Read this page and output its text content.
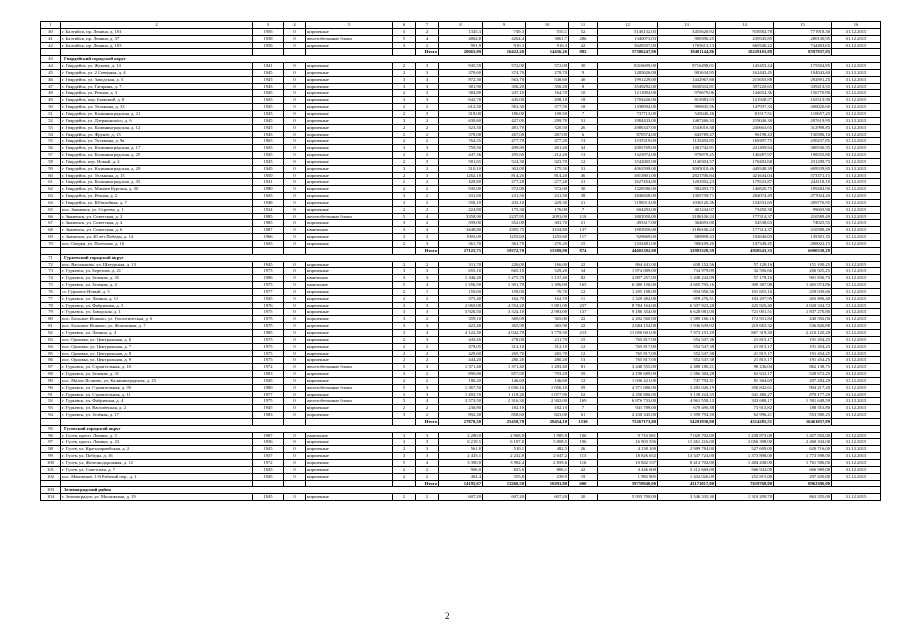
1	2	3	4	5	6	7	8	9	10	11	12	13	14	15	16
40	г. Балтийск, пр. Ленина, д. 101	1956	0	кирпичные	3	2	1345,3	749,3	555,1	52	5146132,03	3455620,92	918582,78	771918,30	31.12.2015
41	г. Балтийск, пр. Ленина, д. 37	1938	0	железобетонные блоки	5	4	4864,8	4264,4	3861,7	286	1340073,03	900396,25	239545,85	200130,95	01.12.2015
42	г. Балтийск, пр. Ленина, д. 103	1956	0	кирпичные	3	2	991,9	910,3	910,3	42	3629357,00	1765613,13	669340,22	744403,65	01.12.2015
						Итого	20665,09	16422,20	14436,26	885	57306247,00	38481144,86	10229165,09	8597937,05	
43	Гвардейский городской округ														
44	г. Гвардейск, ул. Жукова, д. 14	1941	0	кирпичные	2	3	945,59	572,00	572,00	30	8316699,00	9716498,01	145453,24	175504,85	31.12.2015
45	г. Гвардейск, ул. 2 Северная, д. 4	1945	0	кирпичные	2	3	370,60	374,70	278,70	9	1285626,08	903634,95	162445,45	194043,60	31.12.2015
46	г. Гвардейск, ул. Заводская, д. 5	1945	0	кирпичные	3	3	872,30	563,70	548,60	40	1991229,00	1442967,86	215655,88	292891,25	31.12.2015
47	г. Гвардейск, ул. Гагарина, д. 7	1945	0	кирпичные	3	3	381,90	356,20	356,20	8	3549292,00	3658332,81	397220,65	339213,55	31.12.2015
48	г. Гвардейск, ул. Речная, д. 3	1945	0	кирпичные	2	3	384,80	247,10	164,70	10	1211804,00	970679,06	144654,36	156770,90	31.12.2015
49	г. Гвардейск, пер. Баевский, д. 8	1945	0	кирпичные	3	3	642,70	445,00	298,10	18	1703426,00	815983,53	121928,57	165513,90	31.12.2015
50	г. Гвардейск, ул. Тельмана, д. 33	1945	0	кирпичные	2	2	612,50	563,30	377,50	18	1338094,00	990845,56	147937,34	200020,60	31.12.2015
51	г. Гвардейск, ул. Калининградская, д. 21	1945	0	кирпичные	2	3	318,00	186,00	108,50	7	737713,00	545046,26	81517,51	110657,25	31.12.2015
52	г. Гвардейск, ул. Дзержинского, д. 6	1945	0	кирпичные	3	2	630,60	427,00	299,70	31	1984433,00	1467266,33	219046,30	297619,95	31.12.2015
53	г. Гвардейск, ул. Калининградская, д. 12	1945	0	кирпичные	2	2	523,30	481,70	320,50	26	2086347,00	1543016,30	230663,65	312998,85	31.12.2015
54	г. Гвардейск, ул. Фрунзе, д. 13	1945	0	кирпичные	2	2	370,00	267,00	267,00	6	870574,00	643789,47	96198,43	130586,10	31.12.2015
55	г. Гвардейск, ул. Тельмана, д. 9а	1965	0	кирпичные	2	2	764,35	477,70	477,20	13	1535519,00	1135492,85	169497,75	230257,85	31.12.2015
56	г. Гвардейск, ул. Калининградская, д. 17	1945	0	кирпичные	3	3	759,50	499,80	401,40	34	2003769,00	1481742,81	221409,84	300536,35	31.12.2015
57	г. Гвардейск, ул. Калининградская, д. 25	1945	0	кирпичные	2	2	447,36	295,60	212,20	13	1323972,00	979079,25	146287,97	198555,80	31.12.2015
58	г. Гвардейск, пер. Новый, д. 2	1945	0	кирпичные	2	3	581,65	524,30	323,70	12	1542005,00	1140304,57	170402,68	231299,75	31.12.2015
59	г. Гвардейск, ул. Калининградская, д. 29	1945	0	кирпичные	3	2	510,10	302,00	175,50	31	4063599,00	3005010,46	449348,39	609539,85	31.12.2015
60	г. Гвардейск, ул. Тельмана, д. 15	1950	0	кирпичные	2	3	1262,10	814,20	814,20	46	3815801,00	2821706,84	421644,04	573371,15	31.12.2015
61	г. Гвардейск, ул. Калининградская, д. 35	1941	0	кирпичные	2	2	428,80	277,20	277,20	21	1627454,00	1203502,23	179523,87	244118,10	31.12.2015
62	г. Гвардейск, ул. Мамаев Кургана, д. 30	1980	0	кирпичные	2	2	945,00	572,00	572,00	30	1328586,00	982493,75	146820,75	199284,90	31.12.2015
63	г. Гвардейск, ул. Речная, д. 2	1945	0	кирпичные	3	2	331,60	231,50	231,50	38	1846828,00	1365739,71	204074,49	277024,20	31.12.2015
64	г. Гвардейск, ул. Юбилейная, д. 7	1948	0	кирпичные	3	2	558,10	433,10	429,30	21	1198513,00	1030120,36	154533,69	209776,95	31.12.2015
65	пос. Знаменск, ул. Строева, д. 1	1934	0	кирпичные	2	2	224,80	175,30	176,00	7	604293,00	401244,07	73450,38	99603,90	31.12.2015
66	г. Знаменск, ул. Советская, д. 2	1985	0	железобетонные блоки	5	4	3358,90	2237,95	2093,00	110	1803950,00	3186106,24	177314,37	210589,49	31.12.2015
67	г. Знаменск, ул. Советская, д. 4	1985	0	кирпичные	3	2	599,00	352,00	303,70	21	493317,00	364693,00	54538,63	74025,55	31.12.2015
68	г. Знаменск, ул. Советская, д. 6	1987	0	панельные	3	4	3448,80	2395,75	2104,80	137	1803950,00	3186106,24	177314,37	210589,49	31.12.2015
69	г. Знаменск, ул. 40 лет Победы, д. 14	1966	0	кирпичные	3	3	1903,00	1255,60	1255,60	117	929869,00	689898,43	102640,03	139301,35	31.12.2015
70	пос. Озерки, ул. Почтовая, д. 16	1945	0	кирпичные	2	3	361,70	361,70	270,20	15	1333481,00	986109,20	147349,45	200022,15	31.12.2015
						Итого	27125,75	19372,70	15389,90	874	44602382,00	32983328,39	4928543,35	6690330,28	
71	Гурьевский городской округ														
72	пос. Васильково, ул. Шатурская, д. 13	1945	0	кирпичные	2	2	311,70	226,00	166,00	22	864 441,00	638 152,56	57 128,16	151 100,25	31.12.2015
73	г. Гурьевск, ул. Березова, д. 21	1975	0	кирпичные	3	3	655,10	665,10	529,20	34	1 874 089,00	734 979,09	32 596,66	206 925,25	31.12.2015
74	г. Гурьевск, ул. Зеленая, д. 35	1986	0	панельные	3	3	1 346,20	1 275,70	1 137,40	82	2 807 257,00	1 448 242,09	57 178,16	901 836,75	31.12.2015
75	г. Гурьевск, ул. Зеленая, д. 4	1975	0	панельные	5	4	1 556,50	1 391,70	1 396,00	165	6 380 156,00	4 605 793,16	309 387,98	1 465 074,86	31.12.2015
76	ст. Гурьевск-Новый, д. 5	1977	0	кирпичные	2	1	159,60	159,00	76,70	12	1 295 198,00	934 950,36	101 655,10	259 039,60	31.12.2015
77	г. Гурьевск, ул. Ленина, д. 11	1945	0	кирпичные	2	2	375,40	162,70	162,70	11	1 329 482,00	959 276,51	104 297,99	265 896,40	31.12.2015
78	г. Гурьевск, ул. Фабричная, д. 3	1976	0	кирпичные	3	3	2 065,00	4 554,20	1 881,00	257	8 784 164,00	6 337 823,28	425 925,40	2 020 334,72	31.12.2015
79	г. Гурьевск, ул. Заводская, д. 1	1975	0	кирпичные	3	3	3 920,50	3 324,10	2 983,00	137	9 186 354,00	6 628 081,00	721 001,51	1 837 270,80	31.12.2015
80	пос. Большое Исаково, ул. Геологическая, д. 6	1975	0	кирпичные	3	2	359,10	369,00	365,00	22	2 202 560,00	1 589 166,16	172 931,84	440 592,00	31.12.2015
81	пос. Большое Исаково, ул. Фонтанная, д. 7	1975	0	кирпичные	3	3	423,40	365,90	365,90	22	2 684 154,00	1 936 639,92	210 663,32	536 826,80	31.12.2015
82	г. Гурьевск, ул. Ленина, д. 4	1985	0	кирпичные	3	4	4 122,30	4 042,70	3 779,50	213	11 050 601,00	7 973 191,20	867 319,30	2 210 120,20	31.12.2015
83	пос. Орловка, ул. Центральная, д. 6	1975	0	кирпичные	2	3	443,45	278,00	211,70	15	765 817,00	552 547,38	21 815,17	191 454,25	31.12.2015
84	пос. Орловка, ул. Центральная, д. 7	1975	0	кирпичные	2	2	478,05	312,10	312,10	12	765 817,00	552 547,38	21 815,17	191 454,25	31.12.2015
85	пос. Орловка, ул. Центральная, д. 8	1975	0	кирпичные	2	2	429,60	265,70	265,70	12	765 817,00	552 547,38	21 815,17	191 454,25	31.12.2015
86	пос. Орловка, ул. Центральная, д. 9	1975	0	кирпичные	2	2	444,20	280,20	280,20	13	765 817,00	552 547,38	21 815,17	191 454,25	31.12.2015
87	г. Гурьевск, ул. Строительная, д. 10	1972	0	железобетонные блоки	5	3	1 371,40	1 371,40	1 283,40	81	3 448 555,00	2 488 180,21	98 236,04	862 138,75	31.12.2015
88	г. Гурьевск, ул. Зеленая, д. 31	1983	0	кирпичные	3	2	890,80	857,60	793,20	59	2 198 689,00	1 586 384,28	62 632,17	549 672,25	31.12.2015
89	пос. Малое Исаково, ул. Калининградская, д. 25	1945	0	кирпичные	2	2	186,20	146,60	146,60	12	1 036 421,00	747 792,31	81 364,69	207 284,20	31.12.2015
90	г. Гурьевск, ул. Строительная, д. 39	1980	0	железобетонные блоки	5	3	1 367,50	1 036,10	1 056,10	59	4 571 086,00	3 282 026,19	356 842,61	904 217,20	31.12.2015
91	г. Гурьевск, ул. Строительная, д. 11	1977	0	кирпичные	3	3	1 493,70	1 118,20	1 077,90	52	4 350 886,00	3 139 224,35	341 486,27	870 177,20	31.12.2015
92	г. Гурьевск, ул. Фабричная, д. 4	1975	0	железобетонные блоки	5	4	3 573,50	2 316,30	2 302,00	169	6 876 733,00	4 961 558,13	333 688,17	1 581 648,59	31.12.2015
93	г. Гурьевск, ул. Василёвская, д. 2	1945	0	кирпичные	2	2	230,80	182,10	182,10	7	941 789,00	679 490,38	73 915,82	188 353,80	31.12.2015
94	г. Гурьевск, ул. Зелёная, д. 17	1983	0	кирпичные	3	2	892,30	858,60	823,00	61	2 230 345,00	1 599 794,50	62 996,21	553 580,25	31.12.2015
						Итого	27070,30	25458,70	20454,10	1530	75267173,00	54291930,00	4514285,51	16461037,89	
95	Гусевский городской округ														
96	г. Гусев, просп. Ленина, д. 3	1987	0	панельные	3	3	2 280,0	2 968,8	1 985,9	106	9 716 681	7 020 702,00	1 238 873,00	1 457 502,00	31.12.2015
97	г. Гусев, просп. Ленина, д. 23	1936	0	кирпичные	3	3	6 219,5	6 197,0	5 808,5	196	16 903 556	11 261 216,00	2 056 398,00	2 460 334,00	31.12.2015
98	г. Гусев, ул. Красноармейская, д. 2	1945	0	кирпичные	2	3	561,8	510,1	482,5	26	4 138 109	2 989 784,00	527 609,00	620 716,00	31.12.2015
99	г. Гусев, ул. Победы, д. 16	1937	0	кирпичные	3	3	2 435,1	2 232,8	2 047,2	113	18 826 652	13 347 724,00	1 373 898,00	1 773 598,00	31.12.2015
100	г. Гусев, ул. Железнодорожная, д. 12	1972	0	кирпичные	5	4	3 390,8	3 982,4	2 859,6	116	10 842 537	8 413 702,00	1 484 438,00	1 761 586,00	31.12.2015
101	г. Гусев, ул. Советская, д. 7	1945	0	кирпичные	2	2	906,0	825,6	806,1	42	4 446 600	3 212 669,00	566 942,00	666 989,00	31.12.2015
102	пос. Маковское, 1-й Рабочий пер., д. 1	1945	0	кирпичные	2	2	402,4	355,8	239,9	19	1 982 805	1 432 026,00	252 815,00	297 430,00	31.12.2015
						Итого	14195,67	13260,50	10293,80	600	59759940,00	43173017,00	7618768,00	8962396,00	
103	Зеленоградский район														
104	г. Зеленоградск, ул. Московская, д. 19	1945	0	кирпичные	2	2	607,20	607,20	607,20	20	5 955 700,00	3 546 335,30	1 310 209,70	863 355,00	31.12.2015
2
